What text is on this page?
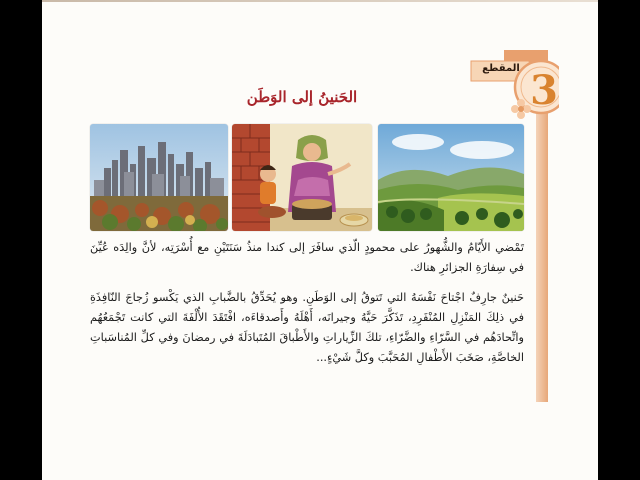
المقطع 3
الحَنينُ إلى الوَطَن

تَمْضي الأَيّامُ والشُّهورُ على محمودٍ الّذي سافَرَ إلى كندا منذُ سَنَتَيْنِ مع أُسْرَتِه، لأنَّ والِدَه عُيِّنَ في سِفارَةِ الجزائرِ هناك.

حَنينٌ جارِفٌ اجْتاحَ نَفْسَهُ التي تَتوقُ إلى الوَطَنِ. وهو يُحَدِّقُ بالضَّبابِ الذي يَكْسو زُجاجَ النّافِذَةِ في ذلِكَ المَنْزِلِ المُنْفَرِدِ، تَذَكَّرَ حَيَّهُ وجيرانَه، أَهْلَهُ وأَصدقاءَه، افْتَقَدَ الأُلْفَةَ التي كانت تَجْمَعُهُم واتِّحادَهُم في السَّرّاءِ والضَّرّاءِ، تلكَ الزِّياراتِ والأَطْباقَ المُتَبادَلَةَ في رمضانَ وفي كلِّ المُناسَباتِ الخاصَّةِ، صَخَبَ الأَطْفالِ المُحَبَّبَ وكلَّ شَيْءٍ...
